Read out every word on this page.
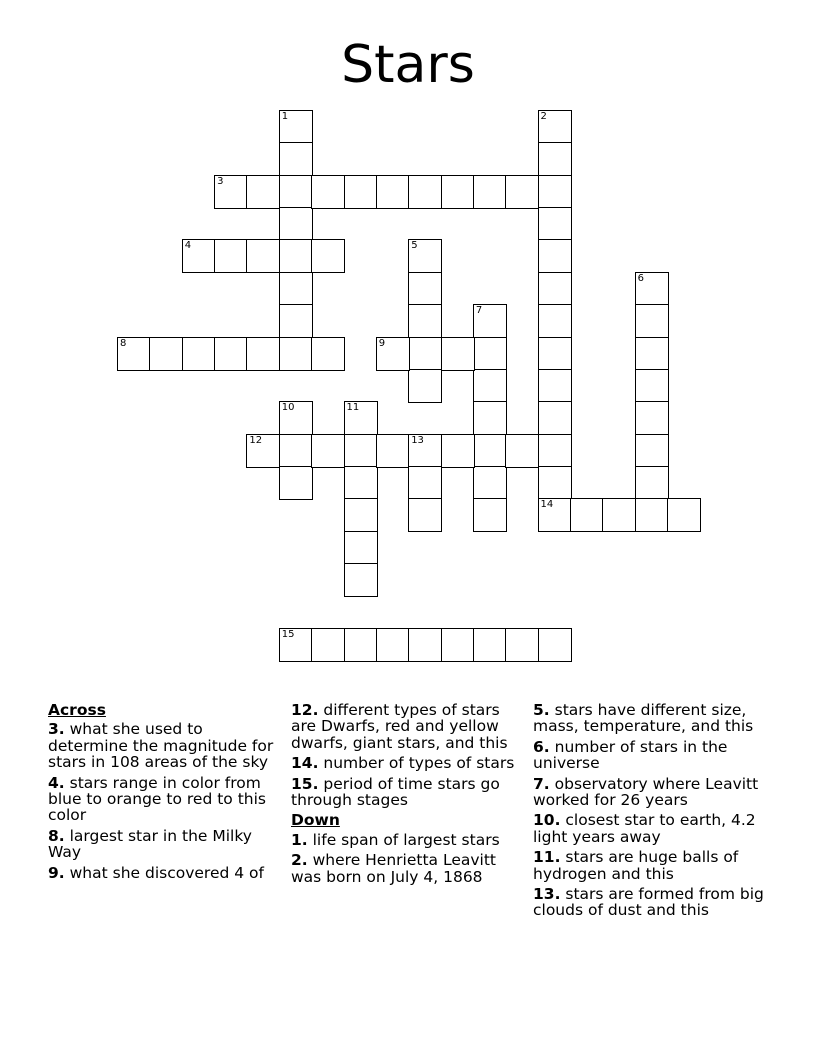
Stars
1	2
14
3
4	5
6
7
8	9
10	11
12	13
15
Across
3. what she used to determine the magnitude for stars in 108 areas of the sky
4. stars range in color from blue to orange to red to this color
8. largest star in the Milky Way
9. what she discovered 4 of
12. different types of stars are Dwarfs, red and yellow dwarfs, giant stars, and this
14. number of types of stars
15. period of time stars go through stages
Down
1. life span of largest stars
2. where Henrietta Leavitt was born on July 4, 1868
5. stars have different size, mass, temperature, and this
6. number of stars in the universe
7. observatory where Leavitt worked for 26 years
10. closest star to earth, 4.2 light years away
11. stars are huge balls of hydrogen and this
13. stars are formed from big clouds of dust and this
